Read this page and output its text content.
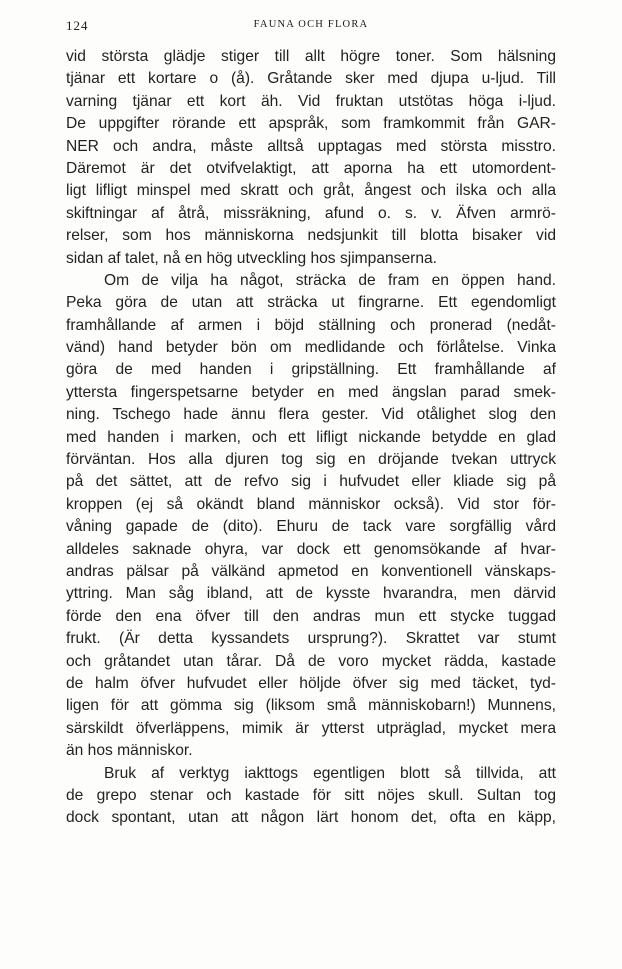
124	FAUNA OCH FLORA
vid största glädje stiger till allt högre toner. Som hälsning
tjänar ett kortare o (å). Gråtande sker med djupa u-ljud. Till
varning tjänar ett kort äh. Vid fruktan utstötas höga i-ljud.
De uppgifter rörande ett apspråk, som framkommit från GAR-
NER och andra, måste alltså upptagas med största misstro.
Däremot är det otvifvelaktigt, att aporna ha ett utomordent-
ligt lifligt minspel med skratt och gråt, ångest och ilska och alla
skiftningar af åtrå, missräkning, afund o. s. v. Äfven armrö-
relser, som hos människorna nedsjunkit till blotta bisaker vid
sidan af talet, nå en hög utveckling hos sjimpanserna.
Om de vilja ha något, sträcka de fram en öppen hand.
Peka göra de utan att sträcka ut fingrarne. Ett egendomligt
framhållande af armen i böjd ställning och pronerad (nedåt-
vänd) hand betyder bön om medlidande och förlåtelse. Vinka
göra de med handen i gripställning. Ett framhållande af
yttersta fingerspetsarne betyder en med ängslan parad smek-
ning. Tschego hade ännu flera gester. Vid otålighet slog den
med handen i marken, och ett lifligt nickande betydde en glad
förväntan. Hos alla djuren tog sig en dröjande tvekan uttryck
på det sättet, att de refvo sig i hufvudet eller kliade sig på
kroppen (ej så okändt bland människor också). Vid stor för-
våning gapade de (dito). Ehuru de tack vare sorgfällig vård
alldeles saknade ohyra, var dock ett genomsökande af hvar-
andras pälsar på välkänd apmetod en konventionell vänskaps-
yttring. Man såg ibland, att de kysste hvarandra, men därvid
förde den ena öfver till den andras mun ett stycke tuggad
frukt. (Är detta kyssandets ursprung?). Skrattet var stumt
och gråtandet utan tårar. Då de voro mycket rädda, kastade
de halm öfver hufvudet eller höljde öfver sig med täcket, tyd-
ligen för att gömma sig (liksom små människobarn!) Munnens,
särskildt öfverläppens, mimik är ytterst utpräglad, mycket mera
än hos människor.
Bruk af verktyg iakttogs egentligen blott så tillvida, att
de grepo stenar och kastade för sitt nöjes skull. Sultan tog
dock spontant, utan att någon lärt honom det, ofta en käpp,
